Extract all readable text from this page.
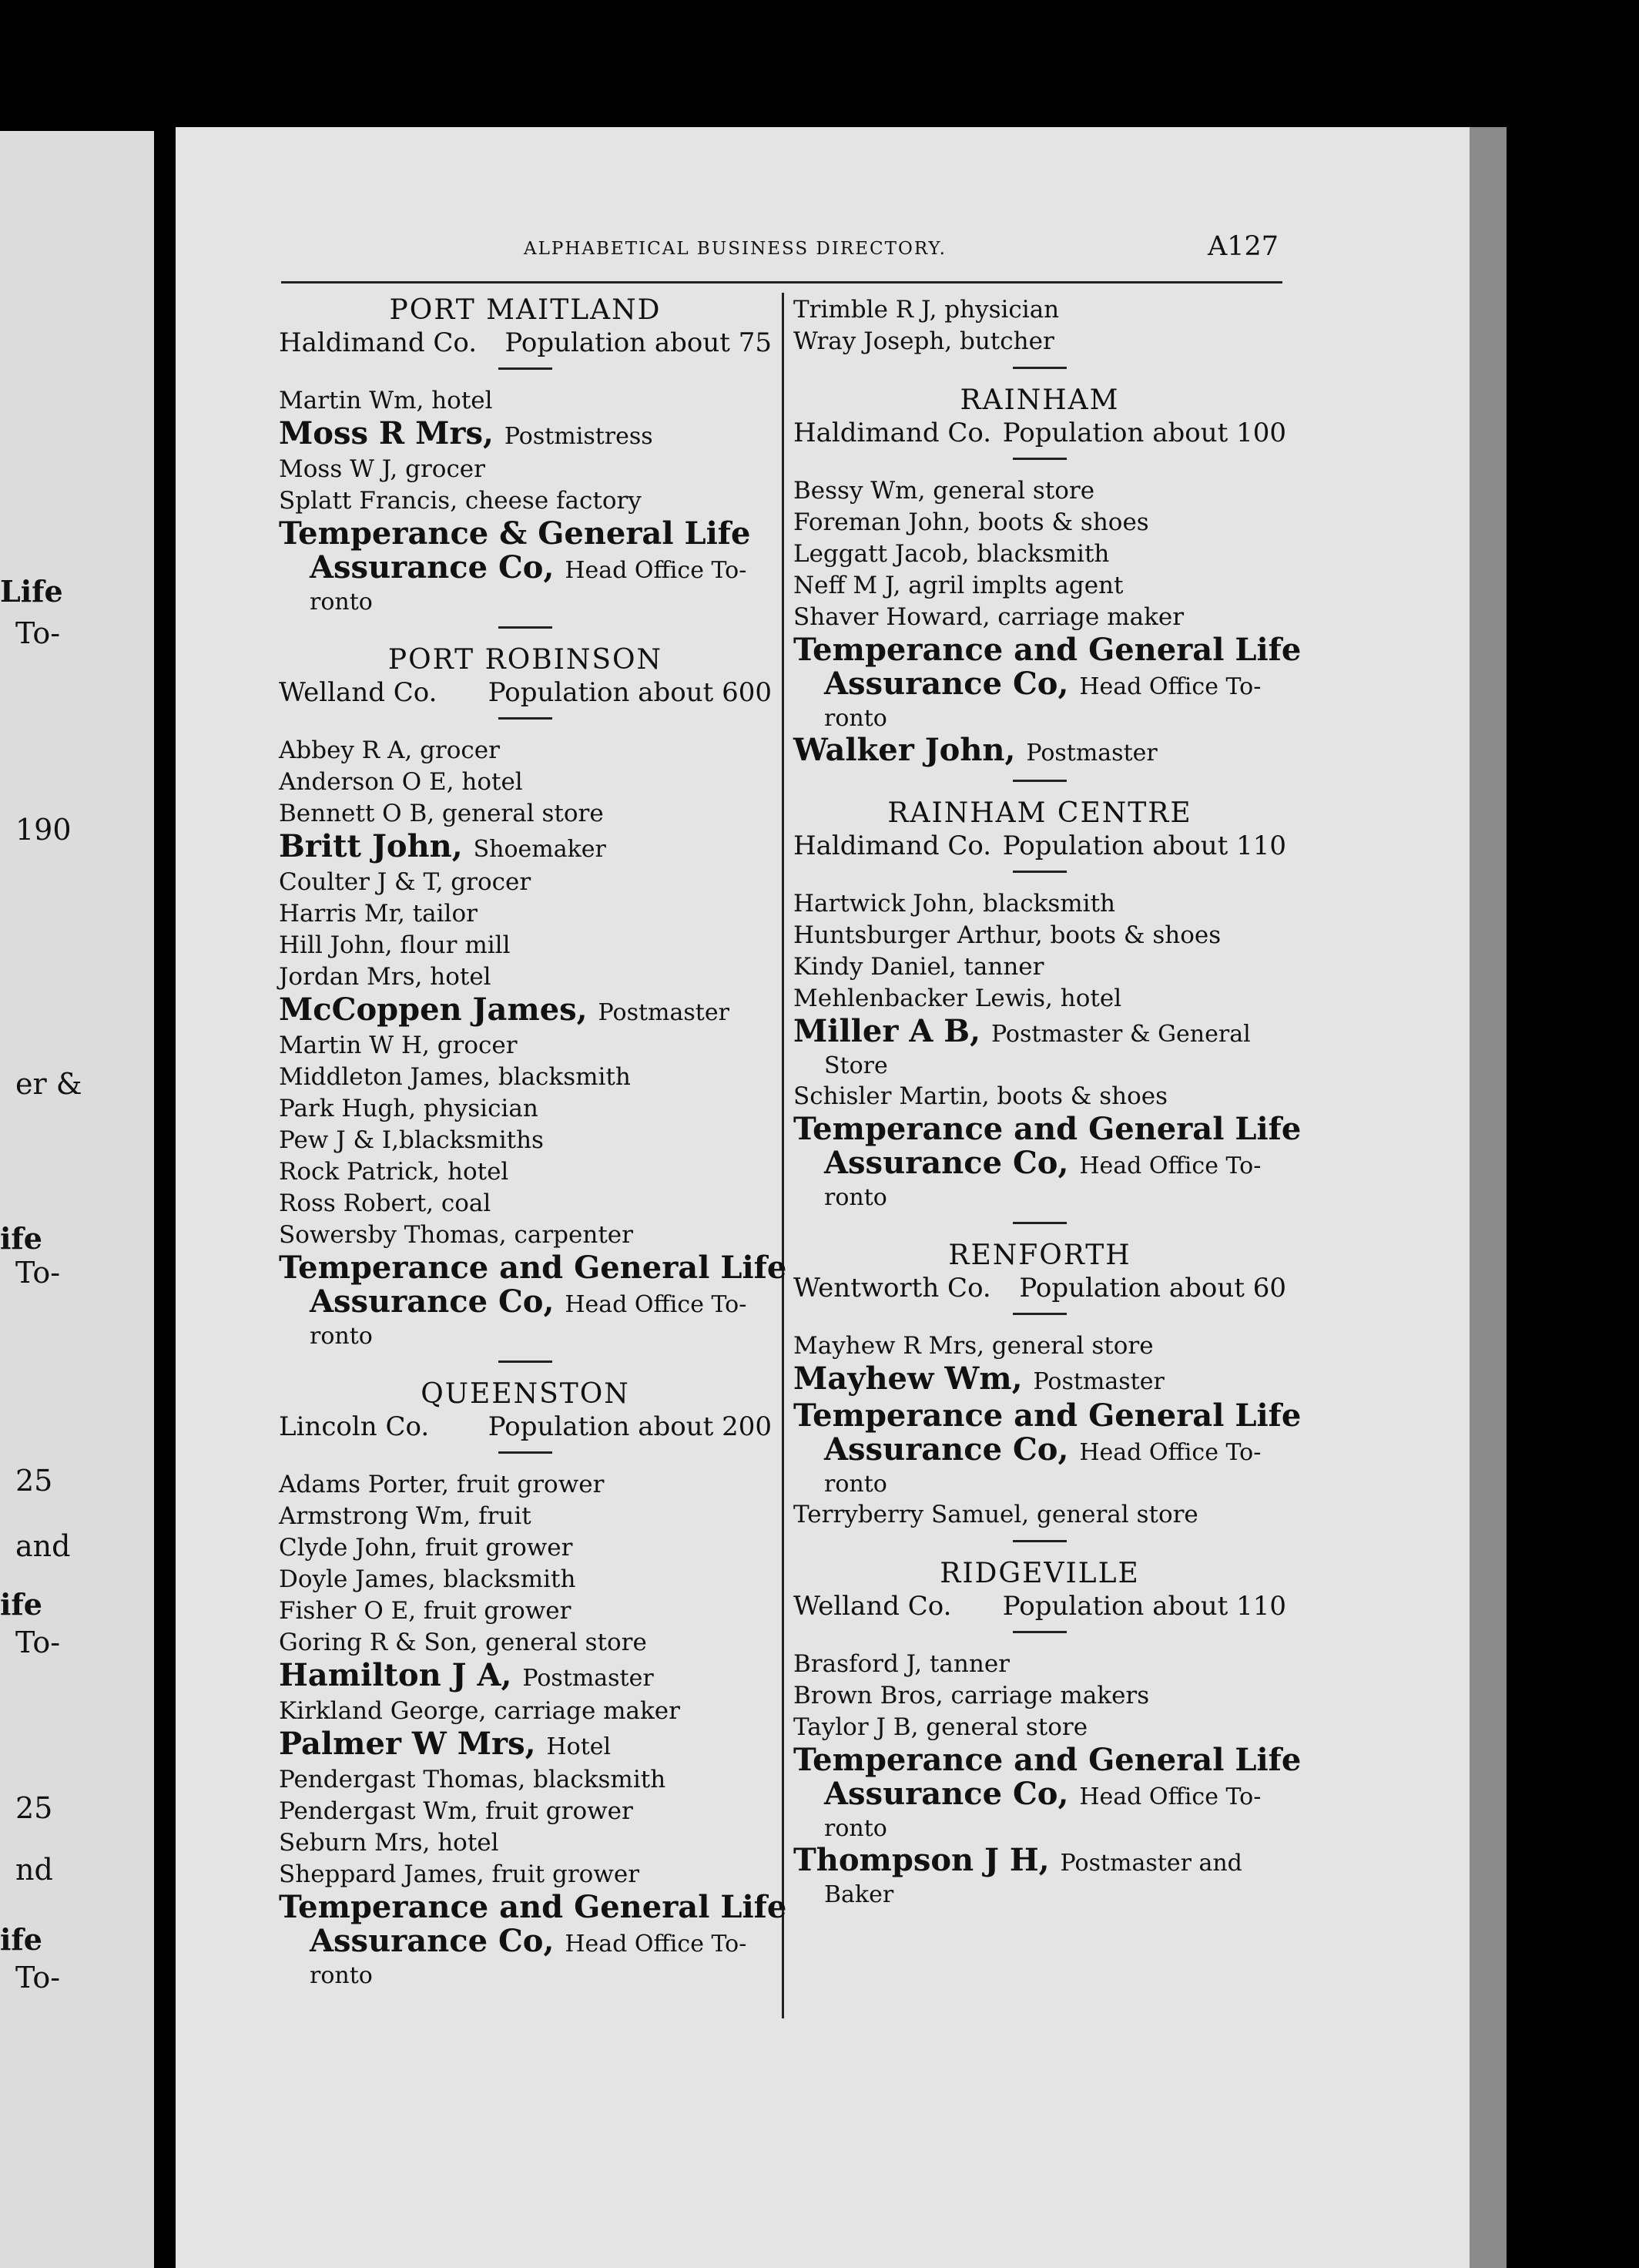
Life
To-
190
er &
ife
To-
25
and
ife
To-
25
nd
ife
To-
ALPHABETICAL BUSINESS DIRECTORY.	A127
PORT MAITLAND
Haldimand Co. Population about 75
Martin Wm, hotel
Moss R Mrs, Postmistress
Moss W J, grocer
Splatt Francis, cheese factory
Temperance & General Life
Assurance Co, Head Office To-
ronto
PORT ROBINSON
Welland Co. Population about 600
Abbey R A, grocer
Anderson O E, hotel
Bennett O B, general store
Britt John, Shoemaker
Coulter J & T, grocer
Harris Mr, tailor
Hill John, flour mill
Jordan Mrs, hotel
McCoppen James, Postmaster
Martin W H, grocer
Middleton James, blacksmith
Park Hugh, physician
Pew J & I,blacksmiths
Rock Patrick, hotel
Ross Robert, coal
Sowersby Thomas, carpenter
Temperance and General Life
Assurance Co, Head Office To-
ronto
QUEENSTON
Lincoln Co. Population about 200
Adams Porter, fruit grower
Armstrong Wm, fruit
Clyde John, fruit grower
Doyle James, blacksmith
Fisher O E, fruit grower
Goring R & Son, general store
Hamilton J A, Postmaster
Kirkland George, carriage maker
Palmer W Mrs, Hotel
Pendergast Thomas, blacksmith
Pendergast Wm, fruit grower
Seburn Mrs, hotel
Sheppard James, fruit grower
Temperance and General Life
Assurance Co, Head Office To-
ronto
Trimble R J, physician
Wray Joseph, butcher
RAINHAM
Haldimand Co. Population about 100
Bessy Wm, general store
Foreman John, boots & shoes
Leggatt Jacob, blacksmith
Neff M J, agril implts agent
Shaver Howard, carriage maker
Temperance and General Life
Assurance Co, Head Office To-
ronto
Walker John, Postmaster
RAINHAM CENTRE
Haldimand Co. Population about 110
Hartwick John, blacksmith
Huntsburger Arthur, boots & shoes
Kindy Daniel, tanner
Mehlenbacker Lewis, hotel
Miller A B, Postmaster & General
Store
Schisler Martin, boots & shoes
Temperance and General Life
Assurance Co, Head Office To-
ronto
RENFORTH
Wentworth Co. Population about 60
Mayhew R Mrs, general store
Mayhew Wm, Postmaster
Temperance and General Life
Assurance Co, Head Office To-
ronto
Terryberry Samuel, general store
RIDGEVILLE
Welland Co. Population about 110
Brasford J, tanner
Brown Bros, carriage makers
Taylor J B, general store
Temperance and General Life
Assurance Co, Head Office To-
ronto
Thompson J H, Postmaster and
Baker
